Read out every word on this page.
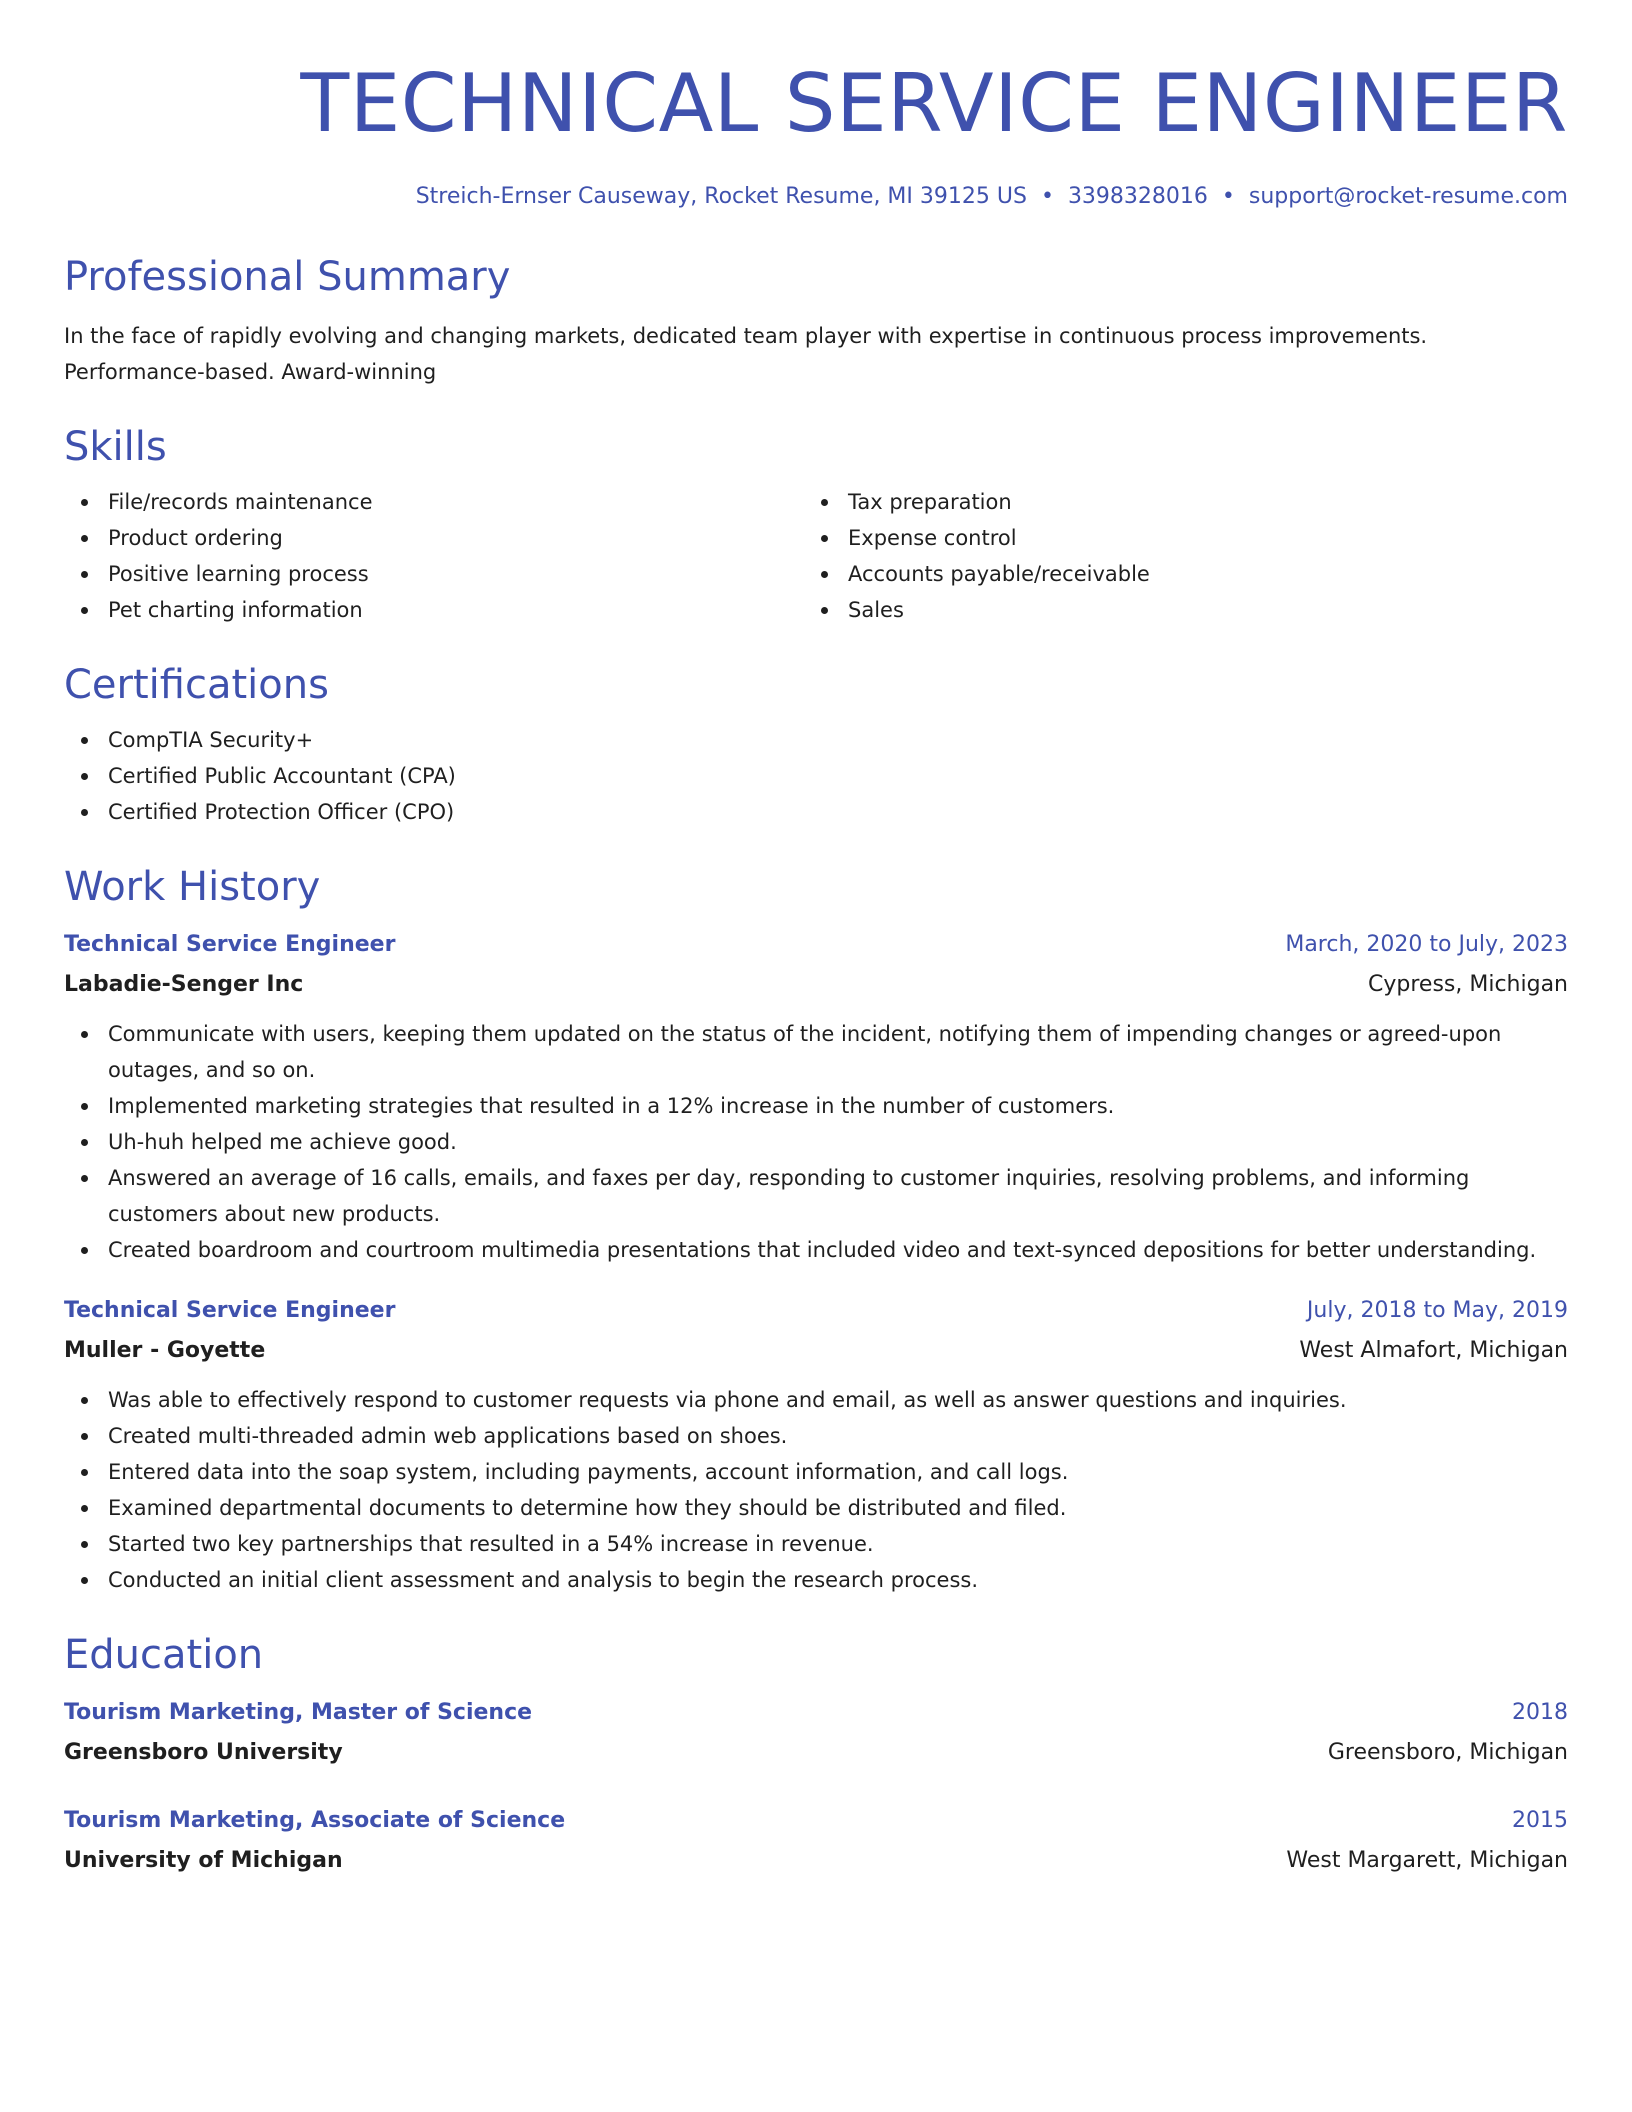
TECHNICAL SERVICE ENGINEER
Streich-Ernser Causeway, Rocket Resume, MI 39125 US • 3398328016 • support@rocket-resume.com
Professional Summary

In the face of rapidly evolving and changing markets, dedicated team player with expertise in continuous process improvements. Performance-based. Award-winning

Skills
File/records maintenance
Product ordering
Positive learning process
Pet charting information
Tax preparation
Expense control
Accounts payable/receivable
Sales
Certifications
CompTIA Security+
Certified Public Accountant (CPA)
Certified Protection Officer (CPO)
Work History
Technical Service Engineer	March, 2020 to July, 2023
Labadie-Senger Inc	Cypress, Michigan
Communicate with users, keeping them updated on the status of the incident, notifying them of impending changes or agreed-upon outages, and so on.
Implemented marketing strategies that resulted in a 12% increase in the number of customers.
Uh-huh helped me achieve good.
Answered an average of 16 calls, emails, and faxes per day, responding to customer inquiries, resolving problems, and informing customers about new products.
Created boardroom and courtroom multimedia presentations that included video and text-synced depositions for better understanding.
Technical Service Engineer	July, 2018 to May, 2019
Muller - Goyette	West Almafort, Michigan
Was able to effectively respond to customer requests via phone and email, as well as answer questions and inquiries.
Created multi-threaded admin web applications based on shoes.
Entered data into the soap system, including payments, account information, and call logs.
Examined departmental documents to determine how they should be distributed and filed.
Started two key partnerships that resulted in a 54% increase in revenue.
Conducted an initial client assessment and analysis to begin the research process.
Education
Tourism Marketing, Master of Science	2018
Greensboro University	Greensboro, Michigan
Tourism Marketing, Associate of Science	2015
University of Michigan	West Margarett, Michigan
